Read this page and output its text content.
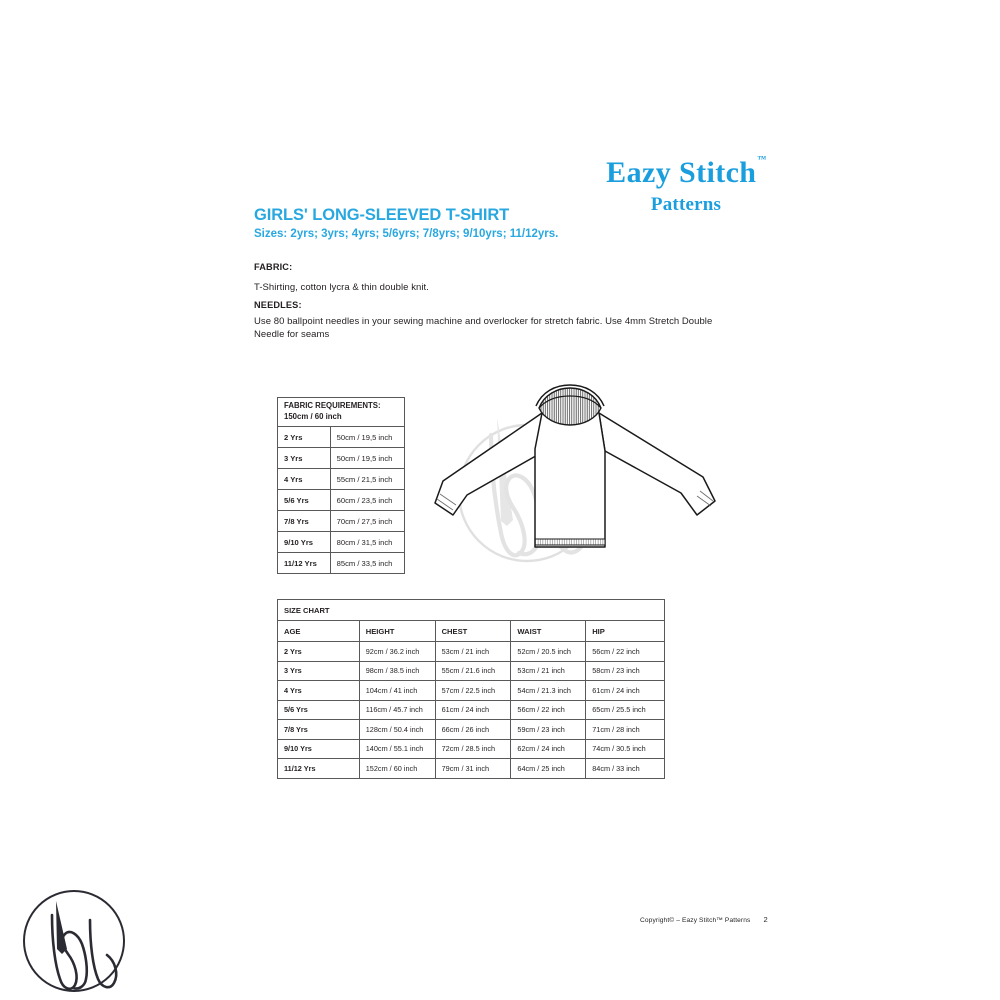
Eazy Stitch™
Patterns
GIRLS' LONG-SLEEVED T-SHIRT
Sizes: 2yrs; 3yrs; 4yrs; 5/6yrs; 7/8yrs; 9/10yrs; 11/12yrs.
FABRIC:
T-Shirting, cotton lycra & thin double knit.
NEEDLES:
Use 80 ballpoint needles in your sewing machine and overlocker for stretch fabric. Use 4mm Stretch Double Needle for seams
FABRIC REQUIREMENTS:
150cm / 60 inch	
2 Yrs	50cm / 19,5 inch
3 Yrs	50cm / 19,5 inch
4 Yrs	55cm / 21,5 inch
5/6 Yrs	60cm / 23,5 inch
7/8 Yrs	70cm / 27,5 inch
9/10 Yrs	80cm / 31,5 inch
11/12 Yrs	85cm / 33,5 inch
SIZE CHART				
AGE	HEIGHT	CHEST	WAIST	HIP
2 Yrs	92cm / 36.2 inch	53cm / 21 inch	52cm / 20.5 inch	56cm / 22 inch
3 Yrs	98cm / 38.5 inch	55cm / 21.6 inch	53cm / 21 inch	58cm / 23 inch
4 Yrs	104cm / 41 inch	57cm / 22.5 inch	54cm / 21.3 inch	61cm / 24 inch
5/6 Yrs	116cm / 45.7 inch	61cm / 24 inch	56cm / 22 inch	65cm / 25.5 inch
7/8 Yrs	128cm / 50.4 inch	66cm / 26 inch	59cm / 23 inch	71cm / 28 inch
9/10 Yrs	140cm / 55.1 inch	72cm / 28.5 inch	62cm / 24 inch	74cm / 30.5 inch
11/12 Yrs	152cm / 60 inch	79cm / 31 inch	64cm / 25 inch	84cm / 33 inch
Copyright© – Eazy Stitch™ Patterns 2
